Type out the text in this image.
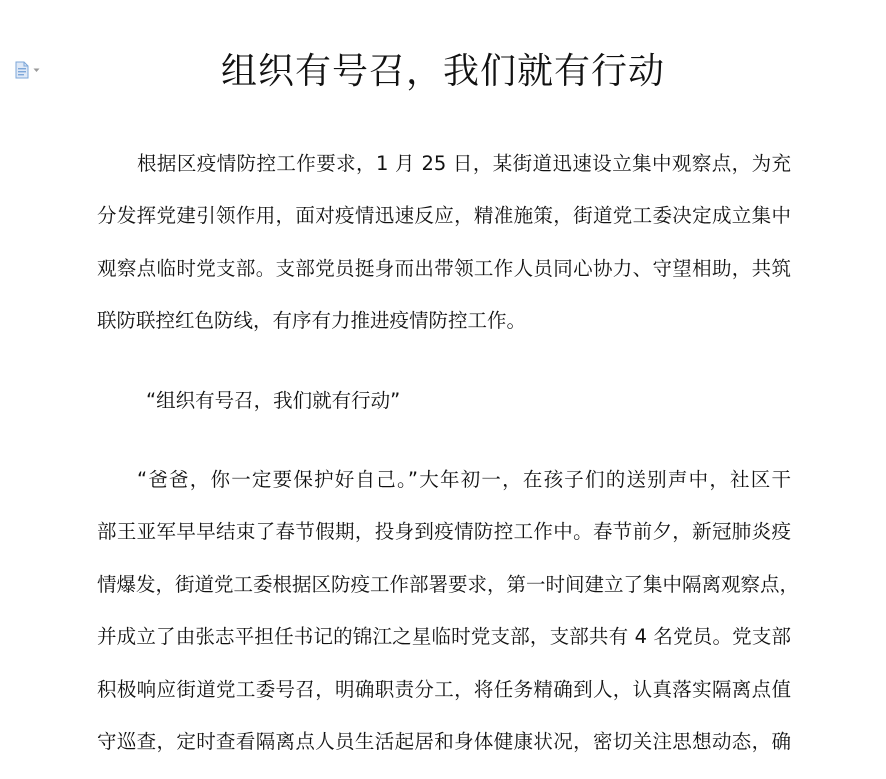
组织有号召，我们就有行动
根据区疫情防控工作要求，1 月 25 日，某街道迅速设立集中观察点，为充
分发挥党建引领作用，面对疫情迅速反应，精准施策，街道党工委决定成立集中
观察点临时党支部。支部党员挺身而出带领工作人员同心协力、守望相助，共筑
联防联控红色防线，有序有力推进疫情防控工作。
“组织有号召，我们就有行动”
“爸爸，你一定要保护好自己。”大年初一，在孩子们的送别声中，社区干
部王亚军早早结束了春节假期，投身到疫情防控工作中。春节前夕，新冠肺炎疫
情爆发，街道党工委根据区防疫工作部署要求，第一时间建立了集中隔离观察点，
并成立了由张志平担任书记的锦江之星临时党支部，支部共有 4 名党员。党支部
积极响应街道党工委号召，明确职责分工，将任务精确到人，认真落实隔离点值
守巡查，定时查看隔离点人员生活起居和身体健康状况，密切关注思想动态，确
